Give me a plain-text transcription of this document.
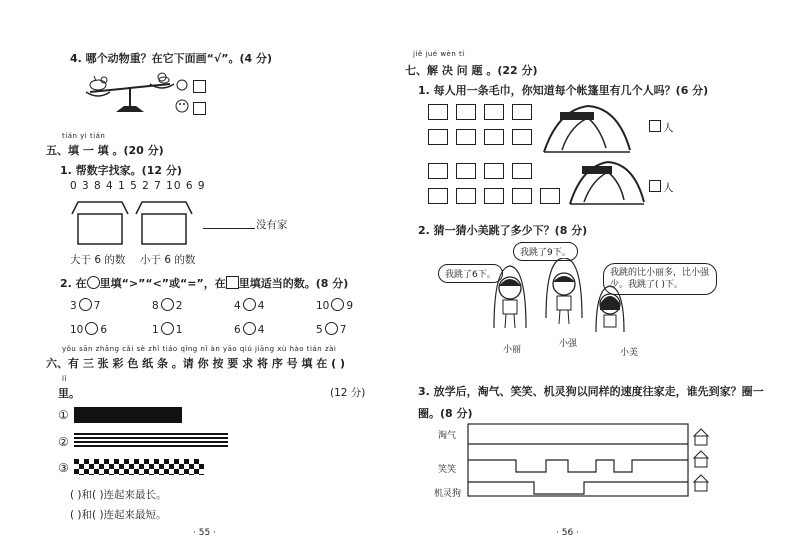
4. 哪个动物重？在它下面画“√”。(4 分)
tián yi tián
五、填 一 填 。(20 分)
1. 帮数字找家。(12 分)
0 3 8 4 1 5 2 7 10 6 9
没有家
大于 6 的数 小于 6 的数
2. 在 里填“>”“<”或“=”，在 里填适当的数。(8 分)
3 7	8 2	4 4	10 9
10 6	1 1	6 4	5 7
yǒu sān zhāng cǎi sè zhǐ tiáo qǐng nǐ àn yāo qiú jiāng xù hào tián zài
六、有 三 张 彩 色 纸 条 。请 你 按 要 求 将 序 号 填 在 ( )
lǐ
里。	(12 分)
①
②
③
( )和( )连起来最长。
( )和( )连起来最短。
· 55 ·
jiě jué wèn tí
七、解 决 问 题 。(22 分)
1. 每人用一条毛巾，你知道每个帐篷里有几个人吗？(6 分)
人
人
2. 猜一猜小美跳了多少下？(8 分)
我跳了9下。
我跳了6下。	我跳的比小丽多，比小强少。我跳了( )下。
小丽
小强
小美
3. 放学后，淘气、笑笑、机灵狗以同样的速度往家走，谁先到家？圈一
圈。(8 分)
淘气
笑笑
机灵狗
· 56 ·
